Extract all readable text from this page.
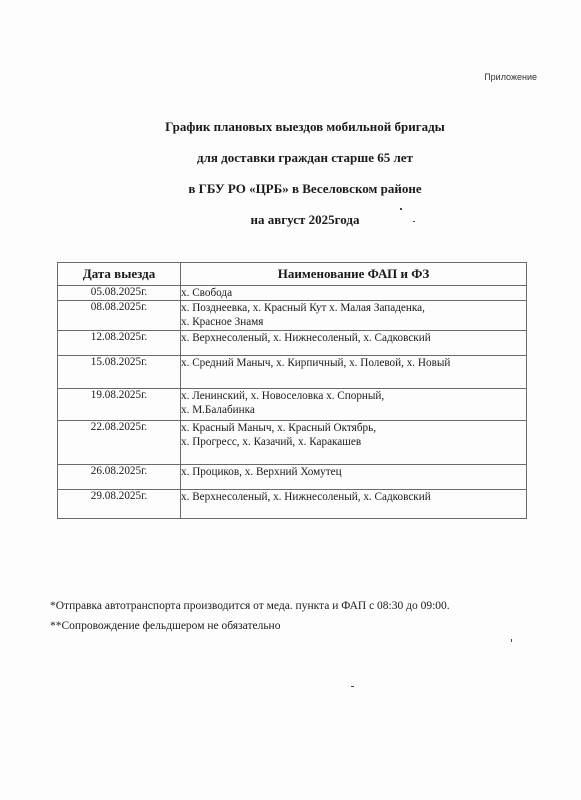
Приложение
График плановых выездов мобильной бригады
для доставки граждан старше 65 лет
в ГБУ РО «ЦРБ» в Веселовском районе
на август 2025года
Дата выезда	Наименование ФАП и ФЗ
05.08.2025г.	х. Свобода

08.08.2025г.	х. Позднеевка, х. Красный Кут х. Малая Западенка,
х. Красное Знамя

12.08.2025г.	х. Верхнесоленый, х. Нижнесоленый, х. Садковский

15.08.2025г.	х. Средний Маныч, х. Кирпичный, х. Полевой, х. Новый

19.08.2025г.	х. Ленинский, х. Новоселовка х. Спорный,
х. М.Балабинка

22.08.2025г.	х. Красный Маныч, х. Красный Октябрь,
х. Прогресс, х. Казачий, х. Каракашев

26.08.2025г.	х. Проциков, х. Верхний Хомутец

29.08.2025г.	х. Верхнесоленый, х. Нижнесоленый, х. Садковский
*Отправка автотранспорта производится от меда. пункта и ФАП с 08:30 до 09:00.
**Сопровождение фельдшером не обязательно
